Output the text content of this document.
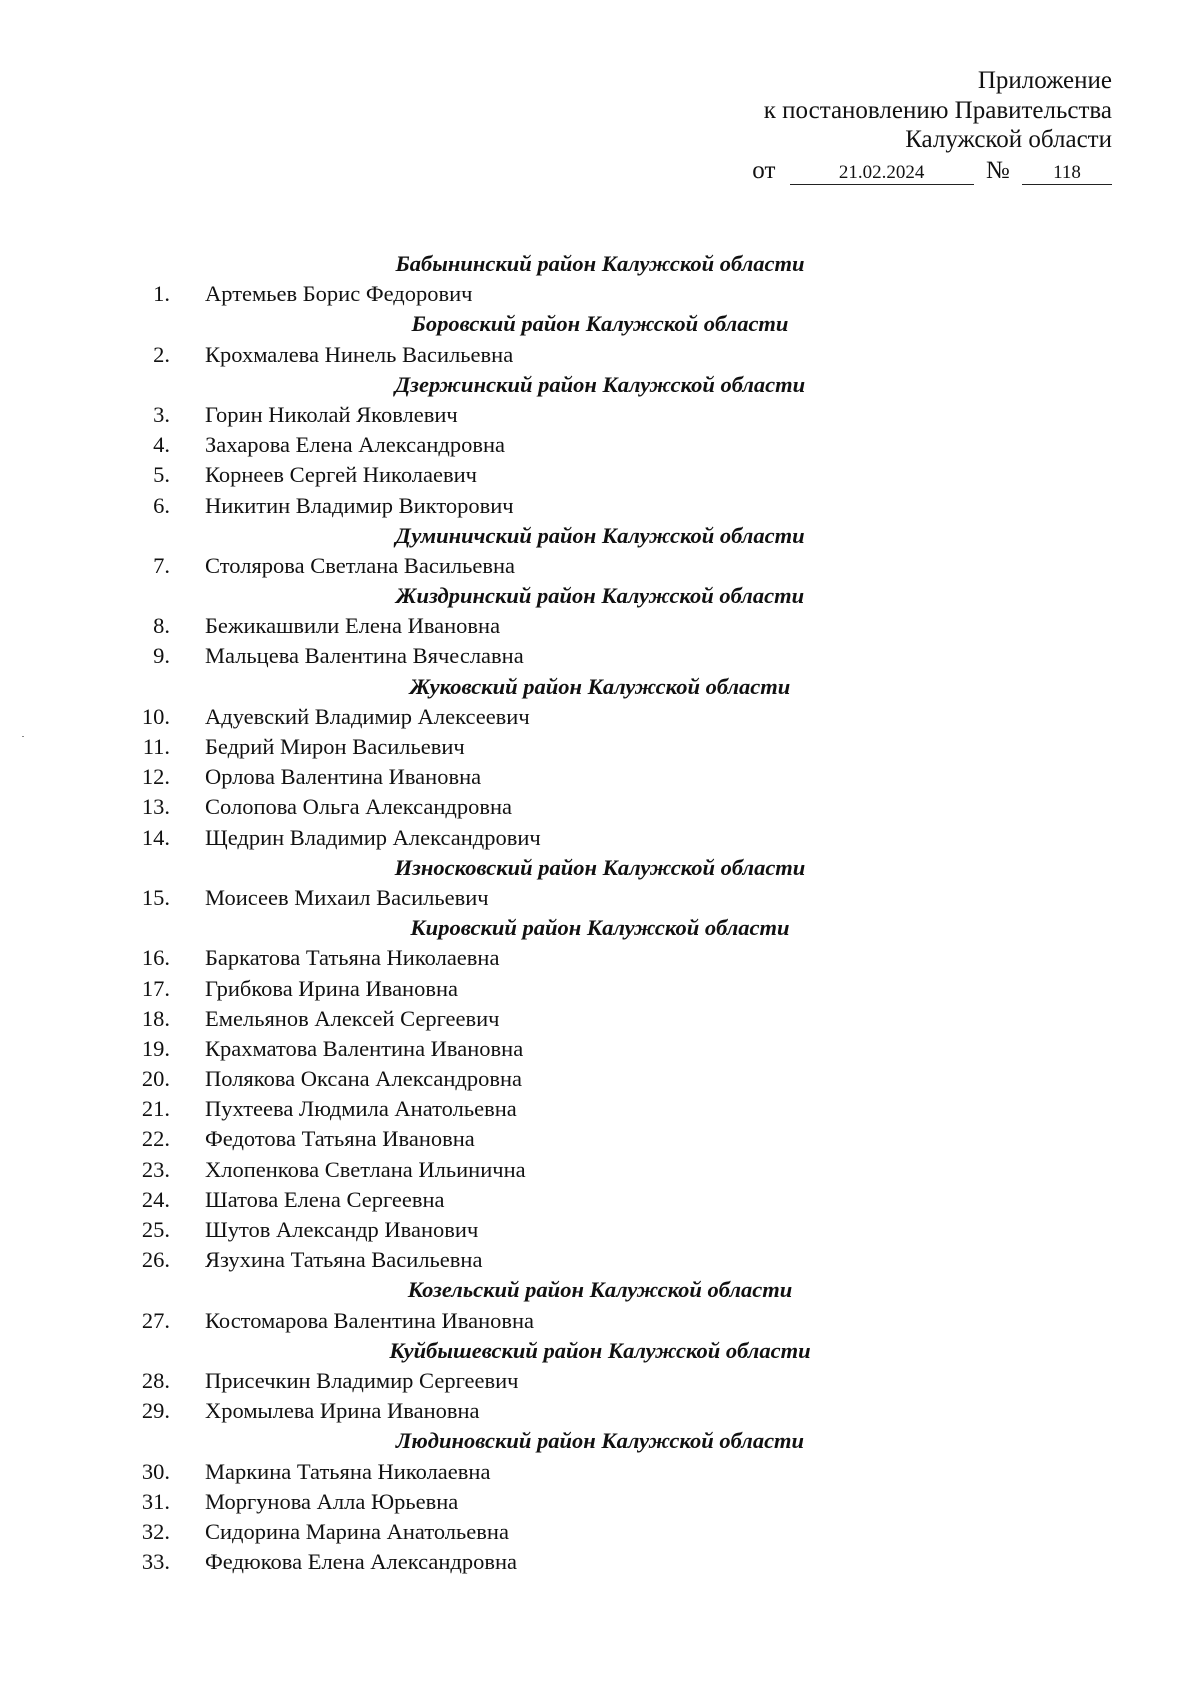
Приложение
к постановлению Правительства
Калужской области
от	21.02.2024 № 118
Бабынинский район Калужской области
1. Артемьев Борис Федорович
Боровский район Калужской области
2. Крохмалева Нинель Васильевна
Дзержинский район Калужской области
3. Горин Николай Яковлевич
4. Захарова Елена Александровна
5. Корнеев Сергей Николаевич
6. Никитин Владимир Викторович
Думиничский район Калужской области
7. Столярова Светлана Васильевна
Жиздринский район Калужской области
8. Бежикашвили Елена Ивановна
9. Мальцева Валентина Вячеславна
Жуковский район Калужской области
10. Адуевский Владимир Алексеевич
11. Бедрий Мирон Васильевич
12. Орлова Валентина Ивановна
13. Солопова Ольга Александровна
14. Щедрин Владимир Александрович
Износковский район Калужской области
15. Моисеев Михаил Васильевич
Кировский район Калужской области
16. Баркатова Татьяна Николаевна
17. Грибкова Ирина Ивановна
18. Емельянов Алексей Сергеевич
19. Крахматова Валентина Ивановна
20. Полякова Оксана Александровна
21. Пухтеева Людмила Анатольевна
22. Федотова Татьяна Ивановна
23. Хлопенкова Светлана Ильинична
24. Шатова Елена Сергеевна
25. Шутов Александр Иванович
26. Язухина Татьяна Васильевна
Козельский район Калужской области
27. Костомарова Валентина Ивановна
Куйбышевский район Калужской области
28. Присечкин Владимир Сергеевич
29. Хромылева Ирина Ивановна
Людиновский район Калужской области
30. Маркина Татьяна Николаевна
31. Моргунова Алла Юрьевна
32. Сидорина Марина Анатольевна
33. Федюкова Елена Александровна
